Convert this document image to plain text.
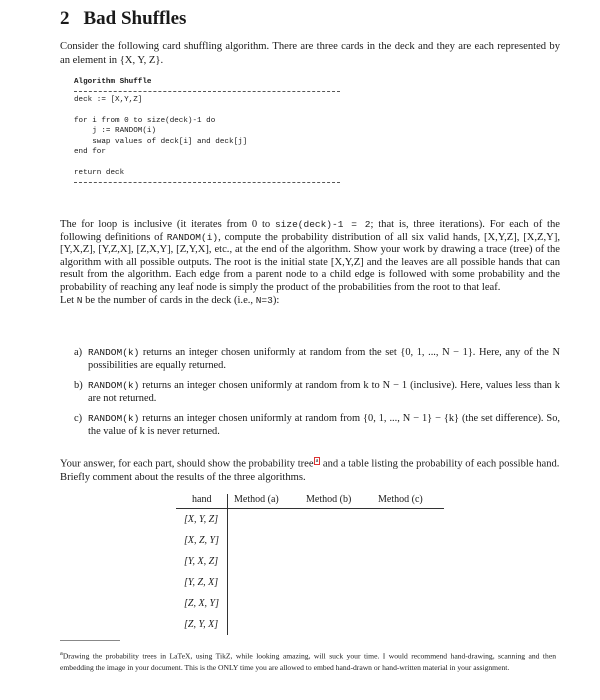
2 Bad Shuffles
Consider the following card shuffling algorithm. There are three cards in the deck and they are each represented by an element in {X, Y, Z}.
Algorithm Shuffle
deck := [X,Y,Z]

for i from 0 to size(deck)-1 do
j := RANDOM(i)
swap values of deck[i] and deck[j]
end for

return deck
The for loop is inclusive (it iterates from 0 to size(deck)-1 = 2; that is, three iterations). For each of the following definitions of RANDOM(i), compute the probability distribution of all six valid hands, [X,Y,Z], [X,Z,Y], [Y,X,Z], [Y,Z,X], [Z,X,Y], [Z,Y,X], etc., at the end of the algorithm. Show your work by drawing a trace (tree) of the algorithm with all possible outputs. The root is the initial state [X,Y,Z] and the leaves are all possible hands that can result from the algorithm. Each edge from a parent node to a child edge is followed with some probability and the probability of reaching any leaf node is simply the product of the probabilities from the root to that leaf.
Let N be the number of cards in the deck (i.e., N=3):
a) RANDOM(k) returns an integer chosen uniformly at random from the set {0, 1, ..., N − 1}. Here, any of the N possibilities are equally returned.
b) RANDOM(k) returns an integer chosen uniformly at random from k to N − 1 (inclusive). Here, values less than k are not returned.
c) RANDOM(k) returns an integer chosen uniformly at random from {0, 1, ..., N − 1} − {k} (the set difference). So, the value of k is never returned.
Your answer, for each part, should show the probability tree a and a table listing the probability of each possible hand. Briefly comment about the results of the three algorithms.
hand	Method (a)	Method (b)	Method (c)
[X, Y, Z]			
[X, Z, Y]			
[Y, X, Z]			
[Y, Z, X]			
[Z, X, Y]			
[Z, Y, X]			
$^a$Drawing the probability trees in LaTeX, using TikZ, while looking amazing, will suck your time. I would recommend hand-drawing, scanning and then embedding the image in your document. This is the ONLY time you are allowed to embed hand-drawn or hand-written material in your assignment.
